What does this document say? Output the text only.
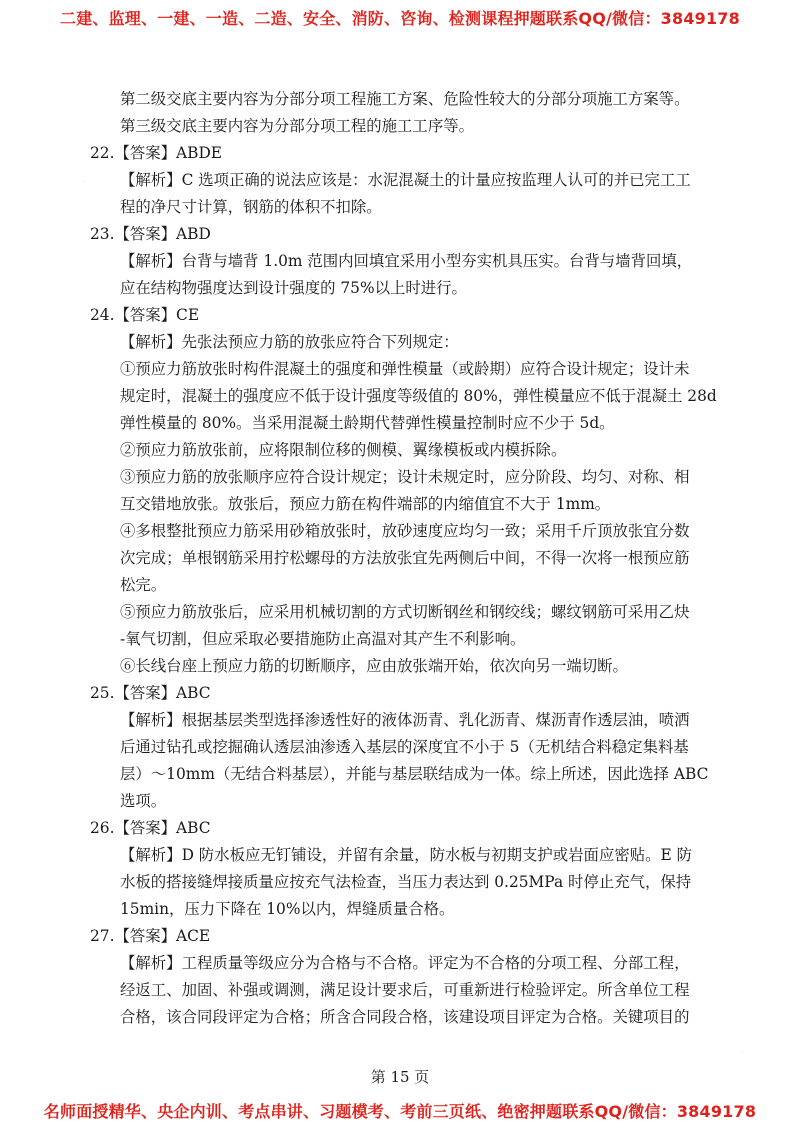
二建、监理、一建、一造、二造、安全、消防、咨询、检测课程押题联系QQ/微信：3849178
·

第二级交底主要内容为分部分项工程施工方案、危险性较大的分部分项施工方案等。

第三级交底主要内容为分部分项工程的施工工序等。

22.【答案】ABDE

【解析】C 选项正确的说法应该是：水泥混凝土的计量应按监理人认可的并已完工工

程的净尺寸计算，钢筋的体积不扣除。

23.【答案】ABD

【解析】台背与墙背 1.0m 范围内回填宜采用小型夯实机具压实。台背与墙背回填，

应在结构物强度达到设计强度的 75%以上时进行。

24.【答案】CE

【解析】先张法预应力筋的放张应符合下列规定：

①预应力筋放张时构件混凝土的强度和弹性模量（或龄期）应符合设计规定；设计未

规定时，混凝土的强度应不低于设计强度等级值的 80%，弹性模量应不低于混凝土 28d

弹性模量的 80%。当采用混凝土龄期代替弹性模量控制时应不少于 5d。

②预应力筋放张前，应将限制位移的侧模、翼缘模板或内模拆除。

③预应力筋的放张顺序应符合设计规定；设计未规定时，应分阶段、均匀、对称、相

互交错地放张。放张后，预应力筋在构件端部的内缩值宜不大于 1mm。

④多根整批预应力筋采用砂箱放张时，放砂速度应均匀一致；采用千斤顶放张宜分数

次完成；单根钢筋采用拧松螺母的方法放张宜先两侧后中间，不得一次将一根预应筋

松完。

⑤预应力筋放张后，应采用机械切割的方式切断钢丝和钢绞线；螺纹钢筋可采用乙炔

-氧气切割，但应采取必要措施防止高温对其产生不利影响。

⑥长线台座上预应力筋的切断顺序，应由放张端开始，依次向另一端切断。

25.【答案】ABC

【解析】根据基层类型选择渗透性好的液体沥青、乳化沥青、煤沥青作透层油，喷洒

后通过钻孔或挖掘确认透层油渗透入基层的深度宜不小于 5（无机结合料稳定集料基

层）～10mm（无结合料基层），并能与基层联结成为一体。综上所述，因此选择 ABC

选项。

26.【答案】ABC

【解析】D 防水板应无钉铺设，并留有余量，防水板与初期支护或岩面应密贴。E 防

水板的搭接缝焊接质量应按充气法检查，当压力表达到 0.25MPa 时停止充气，保持

15min，压力下降在 10%以内，焊缝质量合格。

27.【答案】ACE

【解析】工程质量等级应分为合格与不合格。评定为不合格的分项工程、分部工程，

经返工、加固、补强或调测，满足设计要求后，可重新进行检验评定。所含单位工程

合格，该合同段评定为合格；所含合同段合格，该建设项目评定为合格。关键项目的

第 15 页
·
名师面授精华、央企内训、考点串讲、习题模考、考前三页纸、绝密押题联系QQ/微信：3849178
